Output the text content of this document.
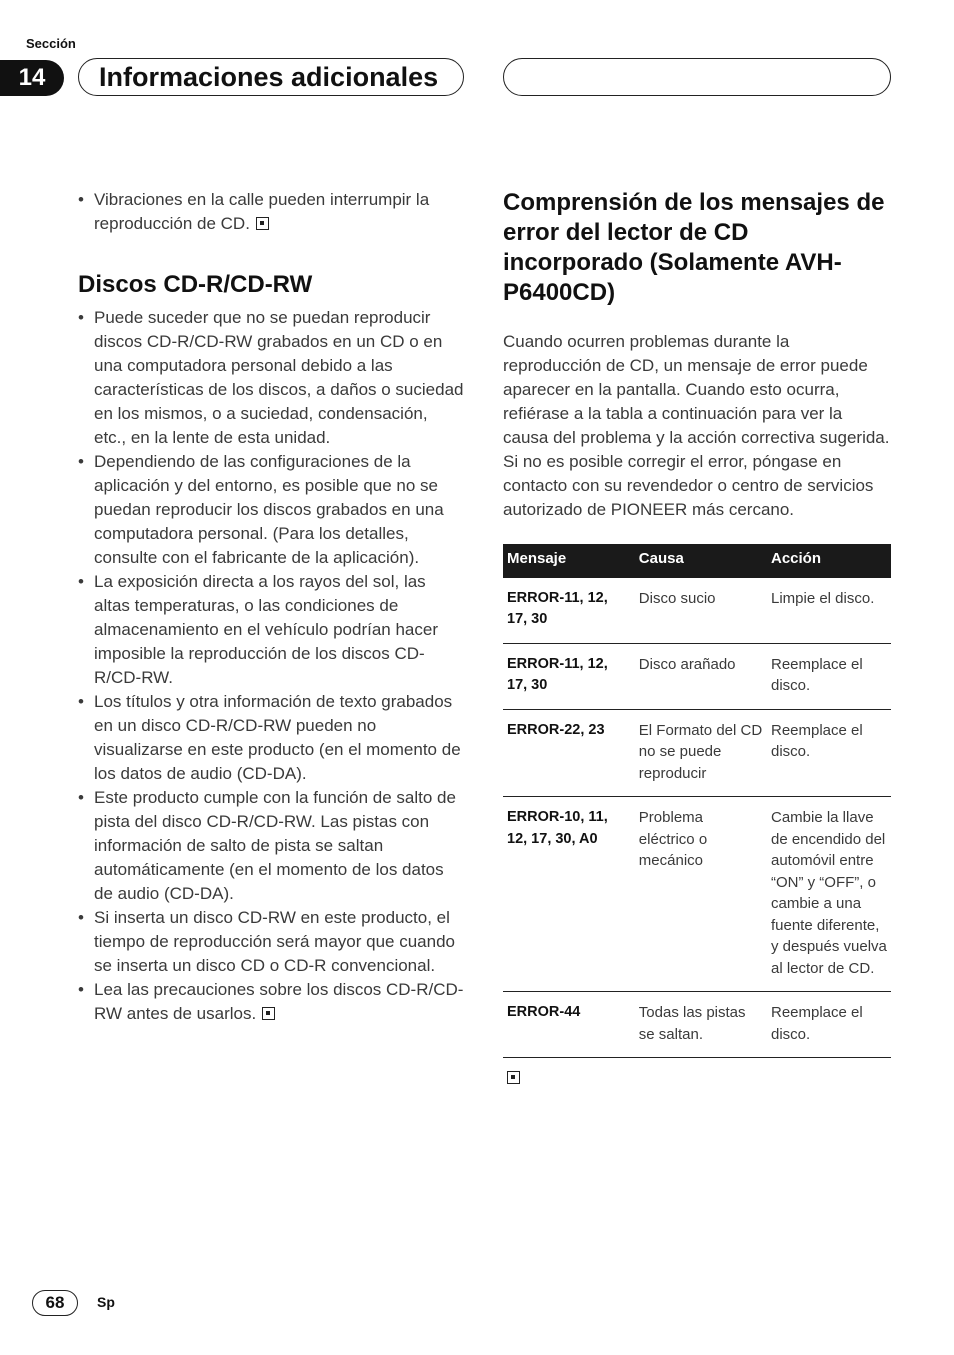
Sección
14	Informaciones adicionales
• Vibraciones en la calle pueden interrumpir la reproducción de CD.
Discos CD-R/CD-RW
• Puede suceder que no se puedan reproducir discos CD-R/CD-RW grabados en un CD o en una computadora personal debido a las características de los discos, a daños o suciedad en los mismos, o a suciedad, condensación, etc., en la lente de esta unidad.
• Dependiendo de las configuraciones de la aplicación y del entorno, es posible que no se puedan reproducir los discos grabados en una computadora personal. (Para los detalles, consulte con el fabricante de la aplicación).
• La exposición directa a los rayos del sol, las altas temperaturas, o las condiciones de almacenamiento en el vehículo podrían hacer imposible la reproducción de los discos CD-R/CD-RW.
• Los títulos y otra información de texto grabados en un disco CD-R/CD-RW pueden no visualizarse en este producto (en el momento de los datos de audio (CD-DA).
• Este producto cumple con la función de salto de pista del disco CD-R/CD-RW. Las pistas con información de salto de pista se saltan automáticamente (en el momento de los datos de audio (CD-DA).
• Si inserta un disco CD-RW en este producto, el tiempo de reproducción será mayor que cuando se inserta un disco CD o CD-R convencional.
• Lea las precauciones sobre los discos CD-R/CD-RW antes de usarlos.
Comprensión de los mensajes de error del lector de CD incorporado (Solamente AVH-P6400CD)
Cuando ocurren problemas durante la reproducción de CD, un mensaje de error puede aparecer en la pantalla. Cuando esto ocurra, refiérase a la tabla a continuación para ver la causa del problema y la acción correctiva sugerida. Si no es posible corregir el error, póngase en contacto con su revendedor o centro de servicios autorizado de PIONEER más cercano.
Mensaje	Causa	Acción
ERROR-11, 12, 17, 30	Disco sucio	Limpie el disco.
ERROR-11, 12, 17, 30	Disco arañado	Reemplace el disco.
ERROR-22, 23	El Formato del CD no se puede reproducir	Reemplace el disco.
ERROR-10, 11, 12, 17, 30, A0	Problema eléctrico o mecánico	Cambie la llave de encendido del automóvil entre “ON” y “OFF”, o cambie a una fuente diferente, y después vuelva al lector de CD.
ERROR-44	Todas las pistas se saltan.	Reemplace el disco.
68	Sp
